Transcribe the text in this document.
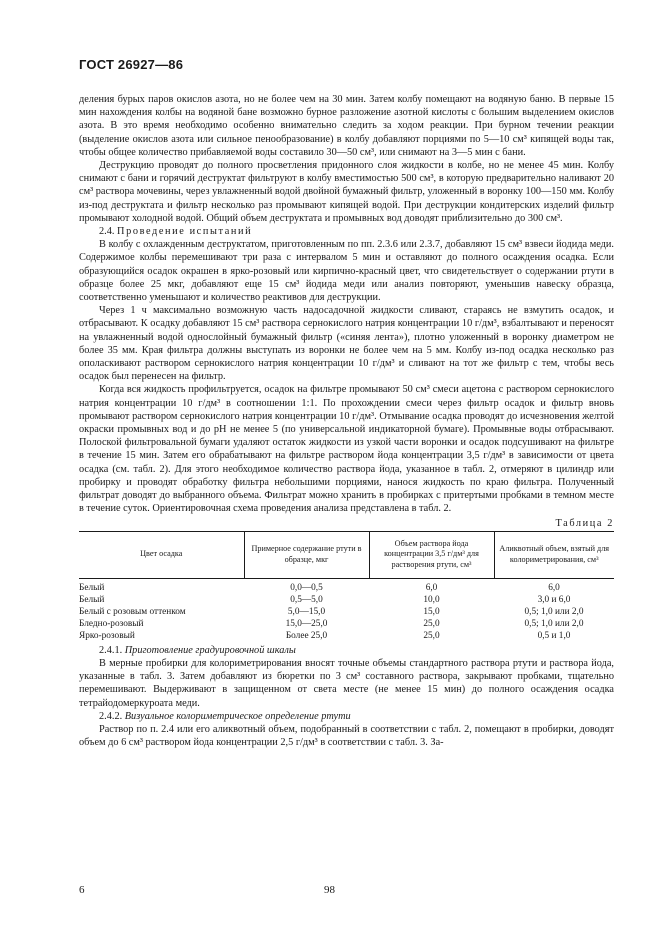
ГОСТ 26927—86

деления бурых паров окислов азота, но не более чем на 30 мин. Затем колбу помещают на водяную баню. В первые 15 мин нахождения колбы на водяной бане возможно бурное разложение азотной кислоты с большим выделением окислов азота. В это время необходимо особенно внимательно следить за ходом реакции. При бурном течении реакции (выделение окислов азота или сильное пенообразование) в колбу добавляют порциями по 5—10 см³ кипящей воды так, чтобы общее количество прибавляемой воды составило 30—50 см³, или снимают на 3—5 мин с бани.

Деструкцию проводят до полного просветления придонного слоя жидкости в колбе, но не менее 45 мин. Колбу снимают с бани и горячий деструктат фильтруют в колбу вместимостью 500 см³, в которую предварительно наливают 20 см³ раствора мочевины, через увлажненный водой двойной бумажный фильтр, уложенный в воронку 100—150 мм. Колбу из-под деструктата и фильтр несколько раз промывают кипящей водой. При деструкции кондитерских изделий фильтр промывают холодной водой. Общий объем деструктата и промывных вод доводят приблизительно до 300 см³.

2.4. Проведение испытаний

В колбу с охлажденным деструктатом, приготовленным по пп. 2.3.6 или 2.3.7, добавляют 15 см³ взвеси йодида меди. Содержимое колбы перемешивают три раза с интервалом 5 мин и оставляют до полного осаждения осадка. Если образующийся осадок окрашен в ярко-розовый или кирпично-красный цвет, что свидетельствует о содержании ртути в образце более 25 мкг, добавляют еще 15 см³ йодида меди или анализ повторяют, уменьшив навеску образца, соответственно уменьшают и количество реактивов для деструкции.

Через 1 ч максимально возможную часть надосадочной жидкости сливают, стараясь не взмутить осадок, и отбрасывают. К осадку добавляют 15 см³ раствора сернокислого натрия концентрации 10 г/дм³, взбалтывают и переносят на увлажненный водой однослойный бумажный фильтр («синяя лента»), плотно уложенный в воронку диаметром не более 35 мм. Края фильтра должны выступать из воронки не более чем на 5 мм. Колбу из-под осадка несколько раз ополаскивают раствором сернокислого натрия концентрации 10 г/дм³ и сливают на тот же фильтр с тем, чтобы весь осадок был перенесен на фильтр.

Когда вся жидкость профильтруется, осадок на фильтре промывают 50 см³ смеси ацетона с раствором сернокислого натрия концентрации 10 г/дм³ в соотношении 1:1. По прохождении смеси через фильтр осадок и фильтр вновь промывают раствором сернокислого натрия концентрации 10 г/дм³. Отмывание осадка проводят до исчезновения желтой окраски промывных вод и до pH не менее 5 (по универсальной индикаторной бумаге). Промывные воды отбрасывают. Полоской фильтровальной бумаги удаляют остаток жидкости из узкой части воронки и осадок подсушивают на фильтре в течение 15 мин. Затем его обрабатывают на фильтре раствором йода концентрации 3,5 г/дм³ в зависимости от цвета осадка (см. табл. 2). Для этого необходимое количество раствора йода, указанное в табл. 2, отмеряют в цилиндр или пробирку и проводят обработку фильтра небольшими порциями, нанося жидкость по краю фильтра. Полученный фильтрат доводят до выбранного объема. Фильтрат можно хранить в пробирках с притертыми пробками в темном месте в течение суток. Ориентировочная схема проведения анализа представлена в табл. 2.

Таблица 2
Цвет осадка	Примерное содержание ртути в образце, мкг	Объем раствора йода концентрации 3,5 г/дм³ для растворения ртути, см³	Аликвотный объем, взятый для колориметрирования, см³
Белый	0,0—0,5	6,0	6,0
Белый	0,5—5,0	10,0	3,0 и 6,0
Белый с розовым оттенком	5,0—15,0	15,0	0,5; 1,0 или 2,0
Бледно-розовый	15,0—25,0	25,0	0,5; 1,0 или 2,0
Ярко-розовый	Более 25,0	25,0	0,5 и 1,0

2.4.1. Приготовление градуировочной шкалы

В мерные пробирки для колориметрирования вносят точные объемы стандартного раствора ртути и раствора йода, указанные в табл. 3. Затем добавляют из бюретки по 3 см³ составного раствора, закрывают пробками, тщательно перемешивают. Выдерживают в защищенном от света месте (не менее 15 мин) до полного осаждения осадка тетрайодомеркуроата меди.

2.4.2. Визуальное колориметрическое определение ртути

Раствор по п. 2.4 или его аликвотный объем, подобранный в соответствии с табл. 2, помещают в пробирки, доводят объем до 6 см³ раствором йода концентрации 2,5 г/дм³ в соответствии с табл. 3. За-

6	98
